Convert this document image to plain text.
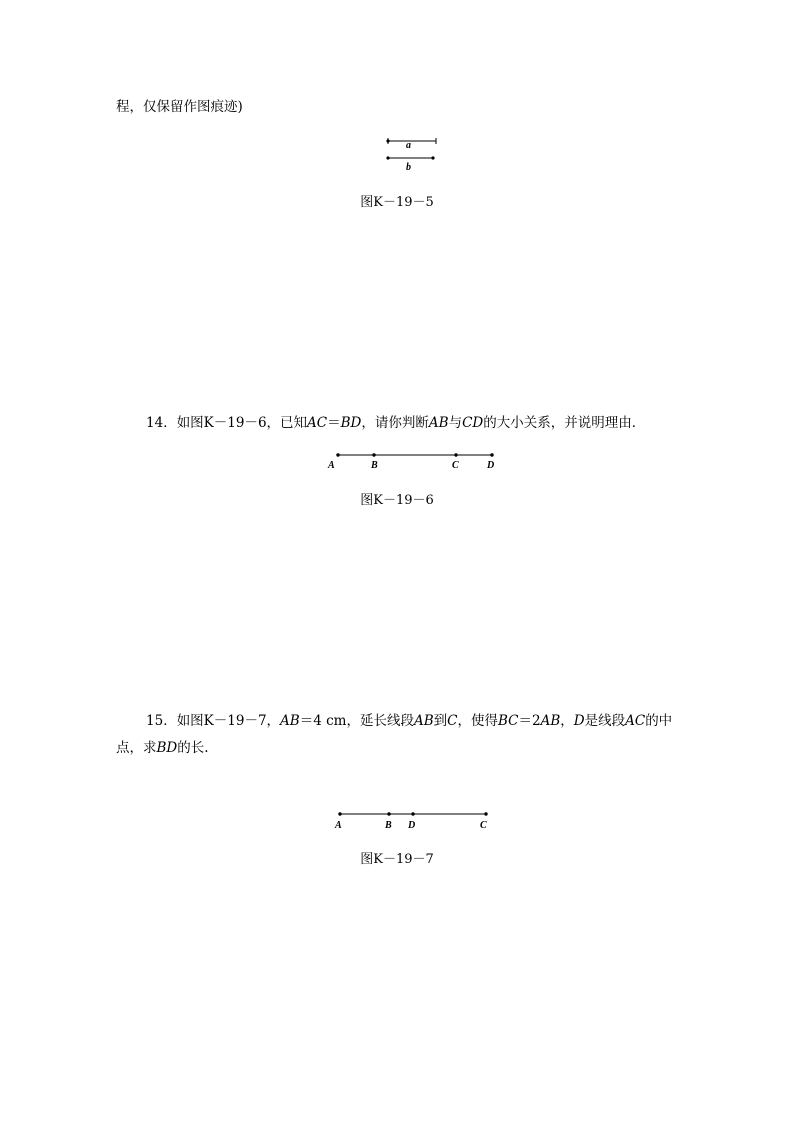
程，仅保留作图痕迹)
a
b
图K－19－5
14．如图K－19－6，已知AC＝BD，请你判断AB与CD的大小关系，并说明理由．
A	B	C	D
图K－19－6
15．如图K－19－7，AB＝4 cm，延长线段AB到C，使得BC＝2AB，D是线段AC的中
点，求BD的长.
A	B D	C
图K－19－7
